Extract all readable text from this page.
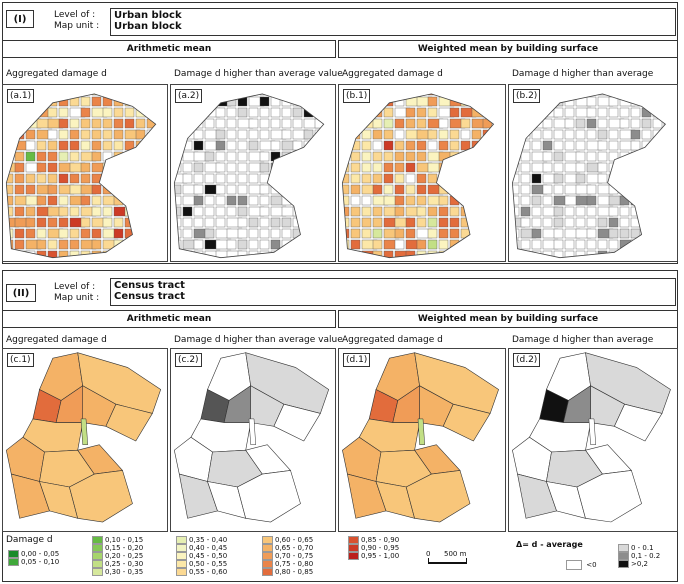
(I)	Level of :
Map unit :
Urban block
Urban block
Arithmetic mean	Weighted mean by building surface
Aggregated damage d	Damage d higher than average value Aggregated damage d	Damage d higher than average
(a.1)	(a.2)	(b.1)	(b.2)
(II)
Level of :
Map unit :
Census tract
Census tract
Arithmetic mean	Weighted mean by building surface
Aggregated damage d	Damage d higher than average value Aggregated damage d	Damage d higher than average
(c.1)	(c.2)	(d.1)	(d.2)
Damage d
0,00 - 0,05
0,05 - 0,10
0,10 - 0,15
0,15 - 0,20
0,20 - 0,25
0,25 - 0,30
0,30 - 0,35
0,35 - 0,40
0,40 - 0,45
0,45 - 0,50
0,50 - 0,55
0,55 - 0,60
0,60 - 0,65
0,65 - 0,70
0,70 - 0,75
0,75 - 0,80
0,80 - 0,85
0,85 - 0,90
0,90 - 0,95
0,95 - 1,00	0 500 m
Δ= d - average
<0
0 - 0.1
0,1 - 0.2
>0,2
